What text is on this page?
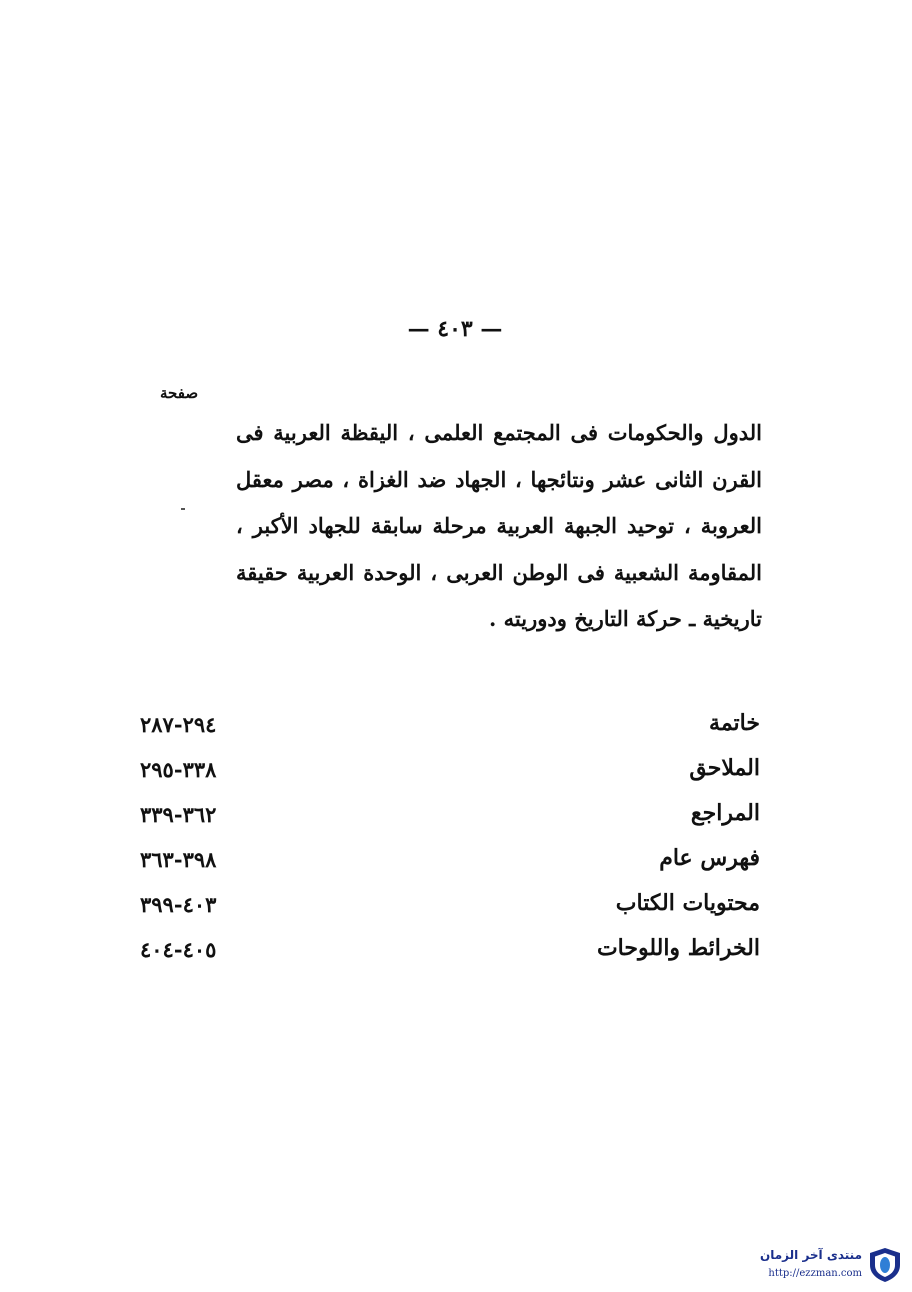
— ٤٠٣ —
صفحة
الدول والحكومات فى المجتمع العلمى ، اليقظة العربية فى القرن الثانى عشر ونتائجها ، الجهاد ضد الغزاة ، مصر معقل العروبة ، توحيد الجبهة العربية مرحلة سابقة للجهاد الأكبر ، المقاومة الشعبية فى الوطن العربى ، الوحدة العربية حقيقة تاريخية ـ حركة التاريخ ودوريته .
خاتمة
٢٩٤-٢٨٧
الملاحق
٣٣٨-٢٩٥
المراجع
٣٦٢-٣٣٩
فهرس عام
٣٩٨-٣٦٣
محتويات الكتاب
٤٠٣-٣٩٩
الخرائط واللوحات
٤٠٥-٤٠٤
منتدى آخر الزمان
http://ezzman.com
